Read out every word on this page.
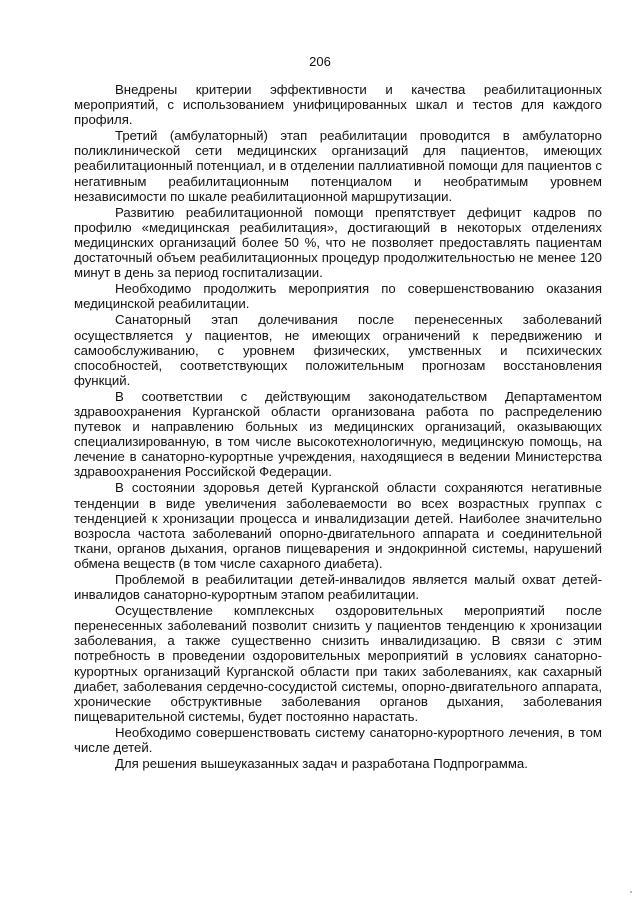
206

Внедрены критерии эффективности и качества реабилитационных мероприятий, с использованием унифицированных шкал и тестов для каждого профиля.

Третий (амбулаторный) этап реабилитации проводится в амбулаторно поликлинической сети медицинских организаций для пациентов, имеющих реабилитационный потенциал, и в отделении паллиативной помощи для пациентов с негативным реабилитационным потенциалом и необратимым уровнем независимости по шкале реабилитационной маршрутизации.

Развитию реабилитационной помощи препятствует дефицит кадров по профилю «медицинская реабилитация», достигающий в некоторых отделениях медицинских организаций более 50 %, что не позволяет предоставлять пациентам достаточный объем реабилитационных процедур продолжительностью не менее 120 минут в день за период госпитализации.

Необходимо продолжить мероприятия по совершенствованию оказания медицинской реабилитации.

Санаторный этап долечивания после перенесенных заболеваний осуществляется у пациентов, не имеющих ограничений к передвижению и самообслуживанию, с уровнем физических, умственных и психических способностей, соответствующих положительным прогнозам восстановления функций.

В соответствии с действующим законодательством Департаментом здравоохранения Курганской области организована работа по распределению путевок и направлению больных из медицинских организаций, оказывающих специализированную, в том числе высокотехнологичную, медицинскую помощь, на лечение в санаторно-курортные учреждения, находящиеся в ведении Министерства здравоохранения Российской Федерации.

В состоянии здоровья детей Курганской области сохраняются негативные тенденции в виде увеличения заболеваемости во всех возрастных группах с тенденцией к хронизации процесса и инвалидизации детей. Наиболее значительно возросла частота заболеваний опорно-двигательного аппарата и соединительной ткани, органов дыхания, органов пищеварения и эндокринной системы, нарушений обмена веществ (в том числе сахарного диабета).

Проблемой в реабилитации детей-инвалидов является малый охват детей-инвалидов санаторно-курортным этапом реабилитации.

Осуществление комплексных оздоровительных мероприятий после перенесенных заболеваний позволит снизить у пациентов тенденцию к хронизации заболевания, а также существенно снизить инвалидизацию. В связи с этим потребность в проведении оздоровительных мероприятий в условиях санаторно-курортных организаций Курганской области при таких заболеваниях, как сахарный диабет, заболевания сердечно-сосудистой системы, опорно-двигательного аппарата, хронические обструктивные заболевания органов дыхания, заболевания пищеварительной системы, будет постоянно нарастать.

Необходимо совершенствовать систему санаторно-курортного лечения, в том числе детей.

Для решения вышеуказанных задач и разработана Подпрограмма.
